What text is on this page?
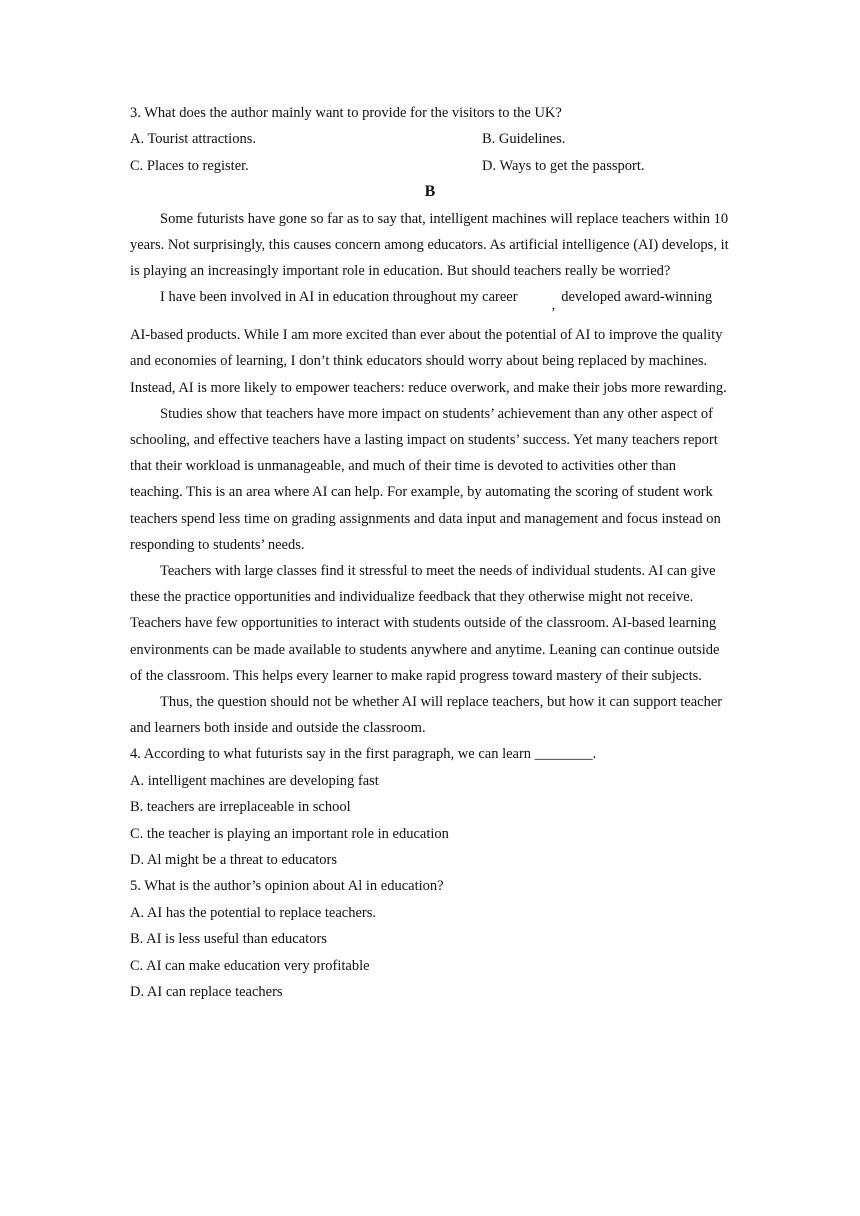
3. What does the author mainly want to provide for the visitors to the UK?
A. Tourist attractions.	B. Guidelines.
C. Places to register.	D. Ways to get the passport.
B

Some futurists have gone so far as to say that, intelligent machines will replace teachers within 10 years. Not surprisingly, this causes concern among educators. As artificial intelligence (AI) develops, it is playing an increasingly important role in education. But should teachers really be worried?

I have been involved in AI in education throughout my career , developed award-winning

AI-based products. While I am more excited than ever about the potential of AI to improve the quality and economies of learning, I don’t think educators should worry about being replaced by machines. Instead, AI is more likely to empower teachers: reduce overwork, and make their jobs more rewarding.

Studies show that teachers have more impact on students’ achievement than any other aspect of schooling, and effective teachers have a lasting impact on students’ success. Yet many teachers report that their workload is unmanageable, and much of their time is devoted to activities other than teaching. This is an area where AI can help. For example, by automating the scoring of student work teachers spend less time on grading assignments and data input and management and focus instead on responding to students’ needs.

Teachers with large classes find it stressful to meet the needs of individual students. AI can give these the practice opportunities and individualize feedback that they otherwise might not receive. Teachers have few opportunities to interact with students outside of the classroom. AI-based learning environments can be made available to students anywhere and anytime. Leaning can continue outside of the classroom. This helps every learner to make rapid progress toward mastery of their subjects.

Thus, the question should not be whether AI will replace teachers, but how it can support teacher and learners both inside and outside the classroom.

4. According to what futurists say in the first paragraph, we can learn ________.
A. intelligent machines are developing fast
B. teachers are irreplaceable in school
C. the teacher is playing an important role in education
D. Al might be a threat to educators
5. What is the author’s opinion about Al in education?
A. AI has the potential to replace teachers.
B. AI is less useful than educators
C. AI can make education very profitable
D. AI can replace teachers
